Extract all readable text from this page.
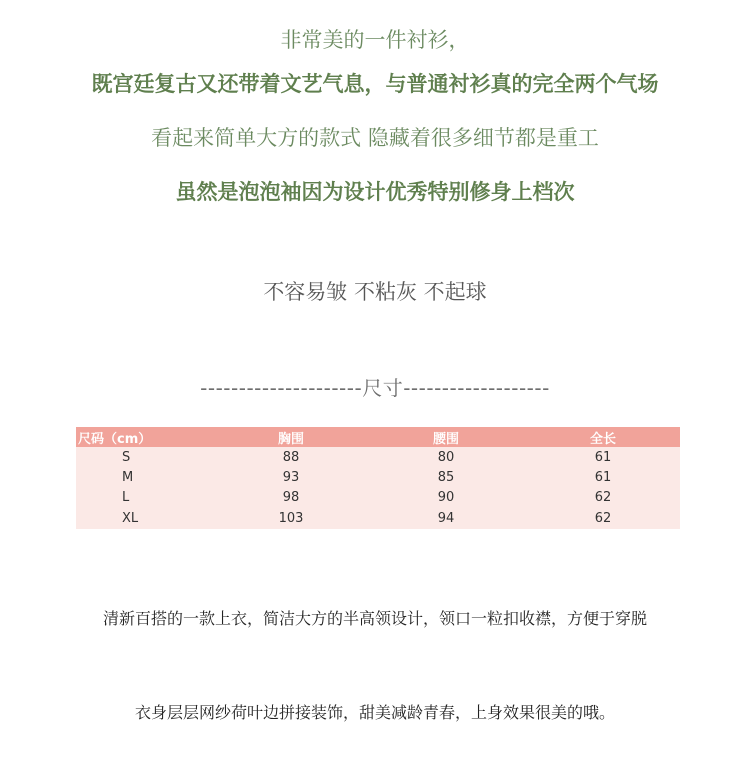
非常美的一件衬衫，
既宫廷复古又还带着文艺气息，与普通衬衫真的完全两个气场
看起来简单大方的款式 隐藏着很多细节都是重工
虽然是泡泡袖因为设计优秀特别修身上档次
不容易皱 不粘灰 不起球
---------------------尺寸-------------------
尺码（cm）	胸围	腰围	全长
S	88	80	61
M	93	85	61
L	98	90	62
XL	103	94	62
清新百搭的一款上衣，简洁大方的半高领设计，领口一粒扣收襟，方便于穿脱
衣身层层网纱荷叶边拼接装饰，甜美减龄青春，上身效果很美的哦。
